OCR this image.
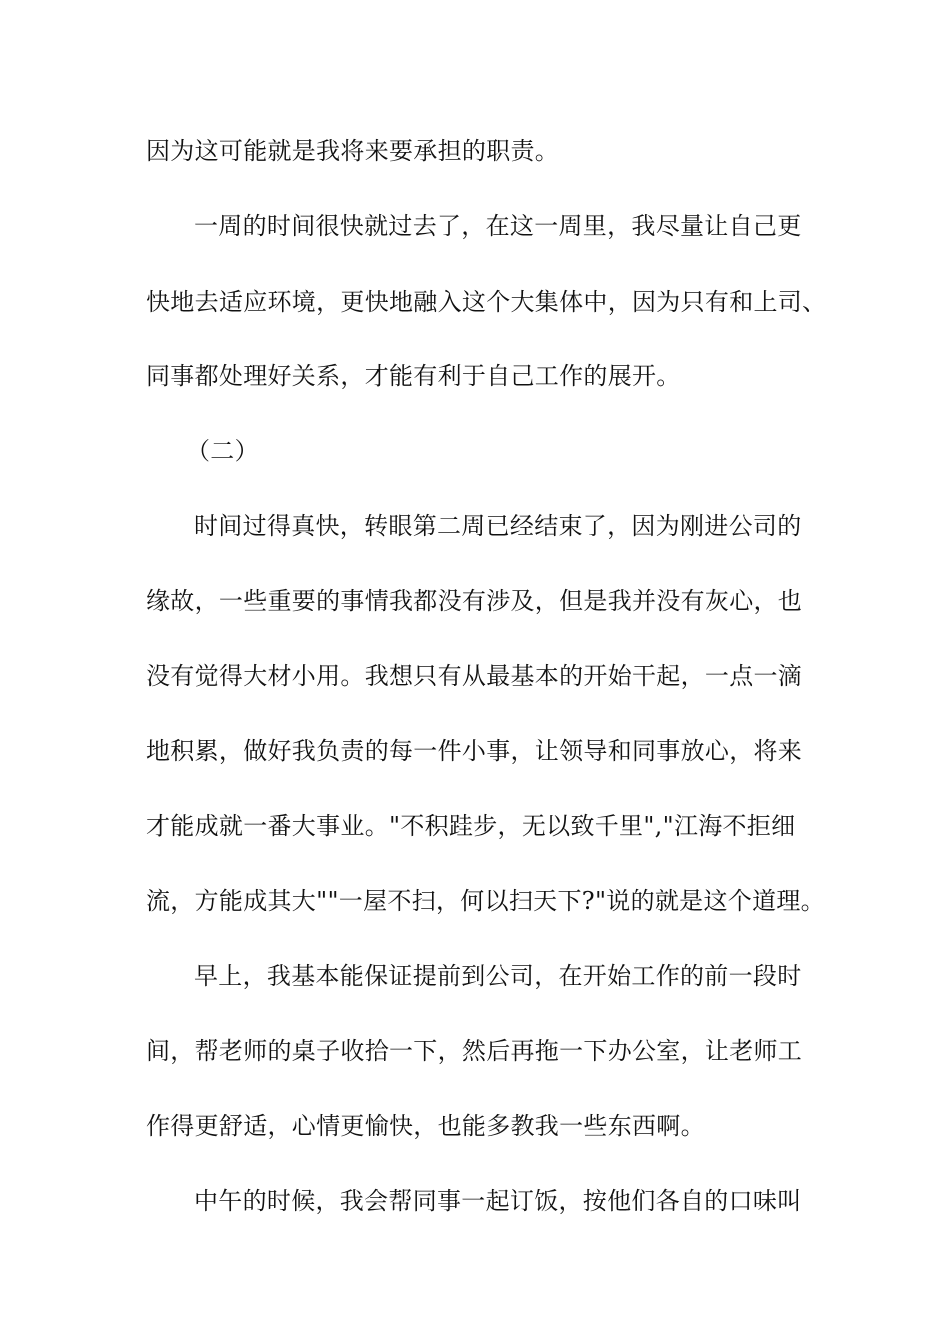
因为这可能就是我将来要承担的职责。
一周的时间很快就过去了，在这一周里，我尽量让自己更
快地去适应环境，更快地融入这个大集体中，因为只有和上司、
同事都处理好关系，才能有利于自己工作的展开。
（二）
时间过得真快，转眼第二周已经结束了，因为刚进公司的
缘故，一些重要的事情我都没有涉及，但是我并没有灰心，也
没有觉得大材小用。我想只有从最基本的开始干起，一点一滴
地积累，做好我负责的每一件小事，让领导和同事放心，将来
才能成就一番大事业。"不积跬步，无以致千里","江海不拒细
流，方能成其大""一屋不扫，何以扫天下?"说的就是这个道理。
早上，我基本能保证提前到公司，在开始工作的前一段时
间，帮老师的桌子收拾一下，然后再拖一下办公室，让老师工
作得更舒适，心情更愉快，也能多教我一些东西啊。
中午的时候，我会帮同事一起订饭，按他们各自的口味叫
